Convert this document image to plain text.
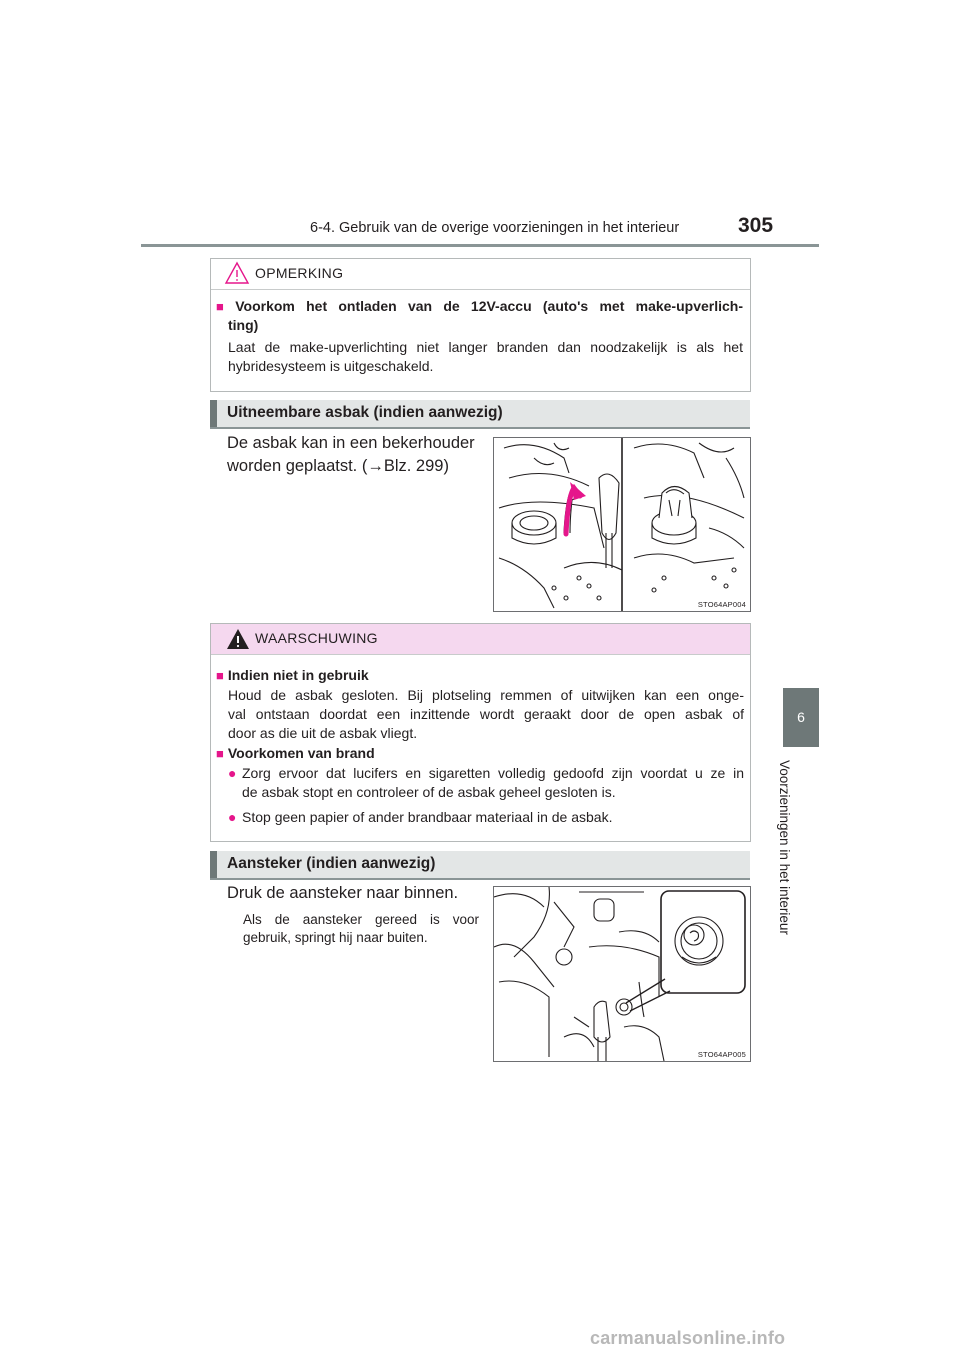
6-4. Gebruik van de overige voorzieningen in het interieur	305
6
Voorzieningen in het interieur
OPMERKING
■ Voorkom het ontladen van de 12V-accu (auto's met make-upverlich-
ting)
Laat de make-upverlichting niet langer branden dan noodzakelijk is als het
hybridesysteem is uitgeschakeld.
Uitneembare asbak (indien aanwezig)
De asbak kan in een bekerhouder
worden geplaatst. (→Blz. 299)
STO64AP004
WAARSCHUWING
■ Indien niet in gebruik
Houd de asbak gesloten. Bij plotseling remmen of uitwijken kan een onge-
val ontstaan doordat een inzittende wordt geraakt door de open asbak of
door as die uit de asbak vliegt.
■ Voorkomen van brand
● Zorg ervoor dat lucifers en sigaretten volledig gedoofd zijn voordat u ze in
de asbak stopt en controleer of de asbak geheel gesloten is.
● Stop geen papier of ander brandbaar materiaal in de asbak.
Aansteker (indien aanwezig)
Druk de aansteker naar binnen.
Als de aansteker gereed is voor
gebruik, springt hij naar buiten.
STO64AP005
carmanualsonline.info
